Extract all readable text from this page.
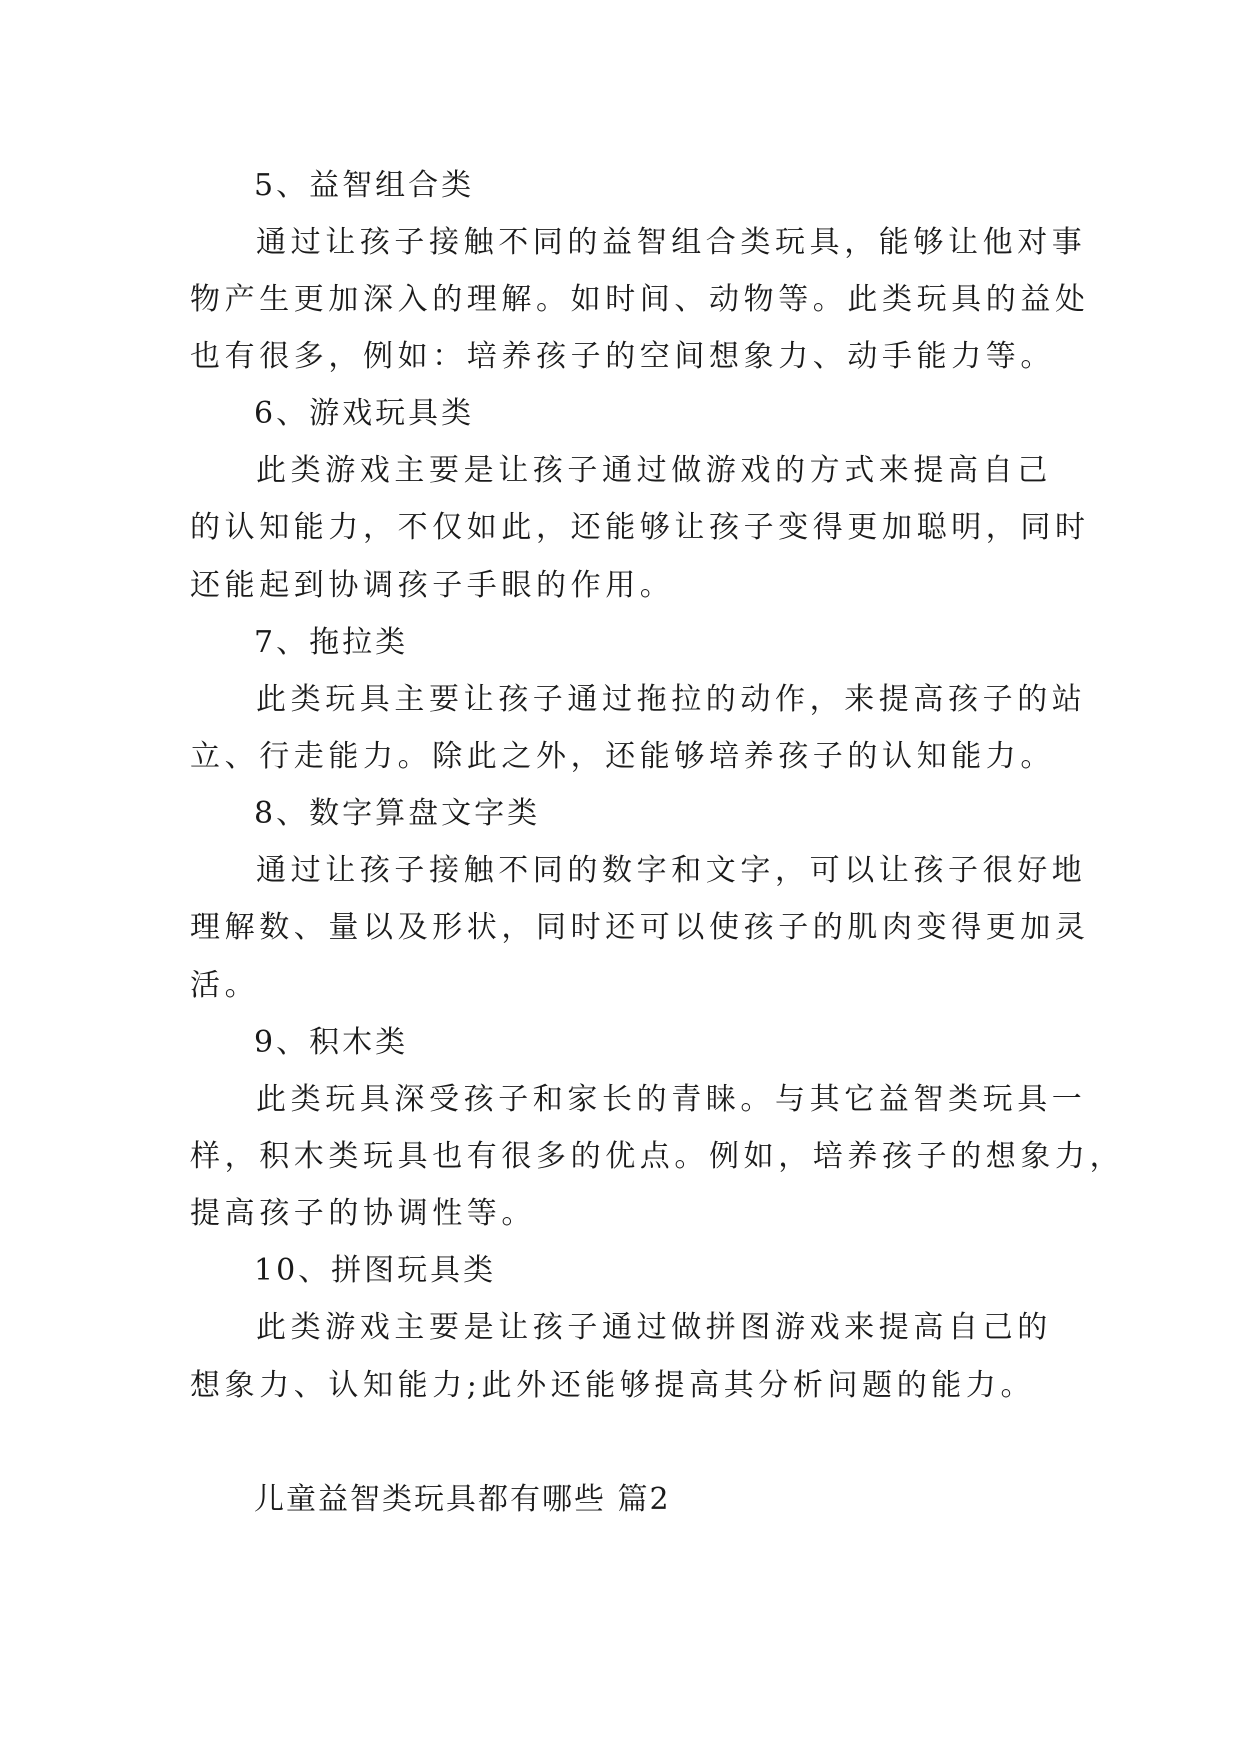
5、益智组合类
通过让孩子接触不同的益智组合类玩具，能够让他对事
物产生更加深入的理解。如时间、动物等。此类玩具的益处
也有很多，例如：培养孩子的空间想象力、动手能力等。
6、游戏玩具类
此类游戏主要是让孩子通过做游戏的方式来提高自己
的认知能力，不仅如此，还能够让孩子变得更加聪明，同时
还能起到协调孩子手眼的作用。
7、拖拉类
此类玩具主要让孩子通过拖拉的动作，来提高孩子的站
立、行走能力。除此之外，还能够培养孩子的认知能力。
8、数字算盘文字类
通过让孩子接触不同的数字和文字，可以让孩子很好地
理解数、量以及形状，同时还可以使孩子的肌肉变得更加灵
活。
9、积木类
此类玩具深受孩子和家长的青睐。与其它益智类玩具一
样，积木类玩具也有很多的优点。例如，培养孩子的想象力，
提高孩子的协调性等。
10、拼图玩具类
此类游戏主要是让孩子通过做拼图游戏来提高自己的
想象力、认知能力;此外还能够提高其分析问题的能力。
儿童益智类玩具都有哪些 篇2
